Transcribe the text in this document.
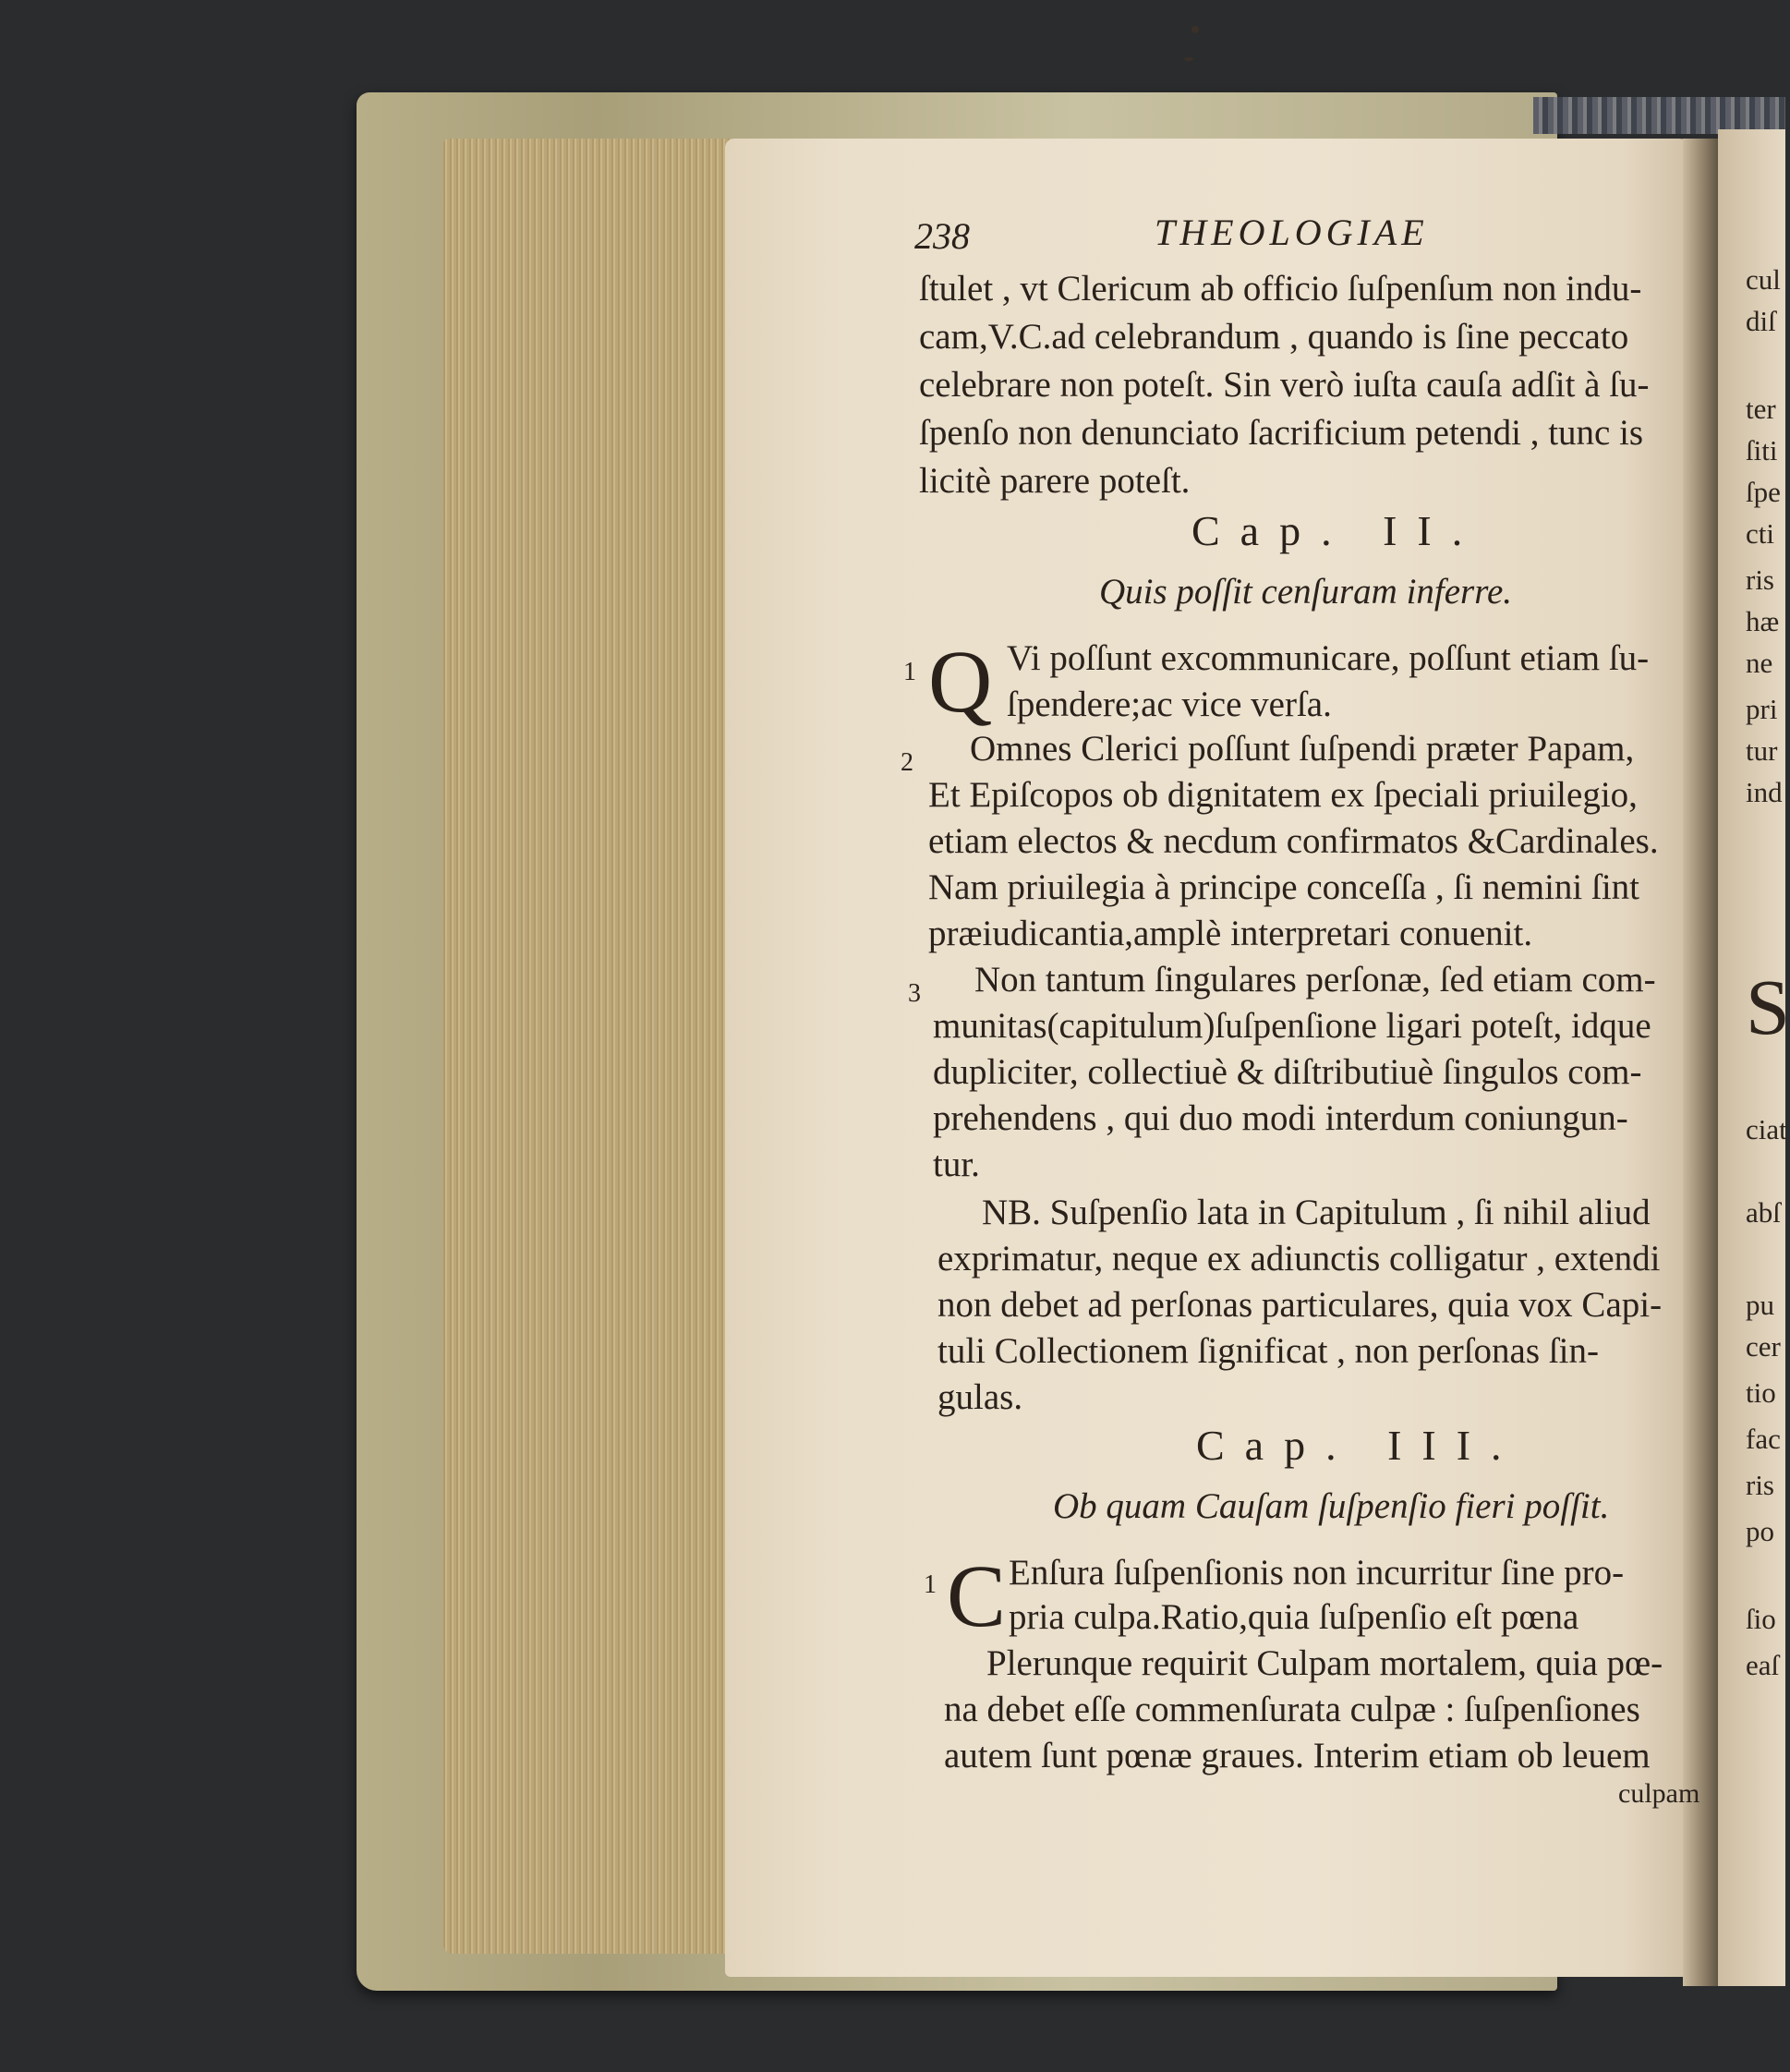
cul
diſ
ter
ſiti
ſpe
cti
ris
hæ
ne
pri
tur
ind
S
ciat
abſ
pu
cer
tio
fac
ris
po
ſio
eaſ
238	THEOLOGIAE
ſtulet , vt Clericum ab officio ſuſpenſum non indu-
cam,V.C.ad celebrandum , quando is ſine peccato
celebrare non poteſt. Sin verò iuſta cauſa adſit à ſu-
ſpenſo non denunciato ſacrificium petendi , tunc is
licitè parere poteſt.
Cap. II.
Quis poſſit cenſuram inferre.
1 Q Vi poſſunt excommunicare, poſſunt etiam ſu-
ſpendere;ac vice verſa.
2 Omnes Clerici poſſunt ſuſpendi præter Papam,
Et Epiſcopos ob dignitatem ex ſpeciali priuilegio,
etiam electos & necdum confirmatos &Cardinales.
Nam priuilegia à principe conceſſa , ſi nemini ſint
præiudicantia,amplè interpretari conuenit.
3 Non tantum ſingulares perſonæ, ſed etiam com-
munitas(capitulum)ſuſpenſione ligari poteſt, idque
dupliciter, collectiuè & diſtributiuè ſingulos com-
prehendens , qui duo modi interdum coniungun-
tur.
NB. Suſpenſio lata in Capitulum , ſi nihil aliud
exprimatur, neque ex adiunctis colligatur , extendi
non debet ad perſonas particulares, quia vox Capi-
tuli Collectionem ſignificat , non perſonas ſin-
gulas.
Cap. III.
Ob quam Cauſam ſuſpenſio fieri poſſit.
1 C Enſura ſuſpenſionis non incurritur ſine pro-
pria culpa.Ratio,quia ſuſpenſio eſt pœna
Plerunque requirit Culpam mortalem, quia pœ-
na debet eſſe commenſurata culpæ : ſuſpenſiones
autem ſunt pœnæ graues. Interim etiam ob leuem
culpam
